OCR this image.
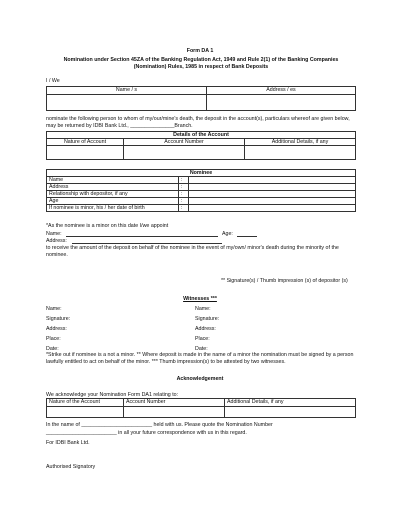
Form DA 1
Nomination under Section 45ZA of the Banking Regulation Act, 1949 and Rule 2(1) of the Banking Companies (Nomination) Rules, 1985 in respect of Bank Deposits
I / We
Name / s	Address / es

nominate the following person to whom of my/our/mine's death, the deposit in the account(s), particulars whereof are given below, may be returned by IDBI Bank Ltd., _______________Branch.
Details of the Account		
Nature of Account	Account Number	Additional Details, if any

Nominee		
Name	:	
Address	:	
Relationship with depositor, if any	:	
Age	:	
If nominee is minor, his / her date of birth	:	
*As the nominee is a minor on this date I/we appoint
Name:	Age:
Address:
to receive the amount of the deposit on behalf of the nominee in the event of my/own/ minor's death during the minority of the nominee.
** Signature(s) / Thumb impression (s) of depositor (s)
Witnesses ***
Name:
Signature:
Address:
Place:
Date:
Name:
Signature:
Address:
Place:
Date:
*Strike out if nominee is a not a minor. ** Where deposit is made in the name of a minor the nomination must be signed by a person lawfully entitled to act on behalf of the minor. *** Thumb impression(s) to be attested by two witnesses.
Acknowledgement
We acknowledge your Nomination Form DA1 relating to:
Nature of the Account	Account Number	Additional Details, if any

In the name of ________________________ held with us. Please quote the Nomination Number
________________________ in all your future correspondence with us in this regard.
For IDBI Bank Ltd.
Authorised Signatory
